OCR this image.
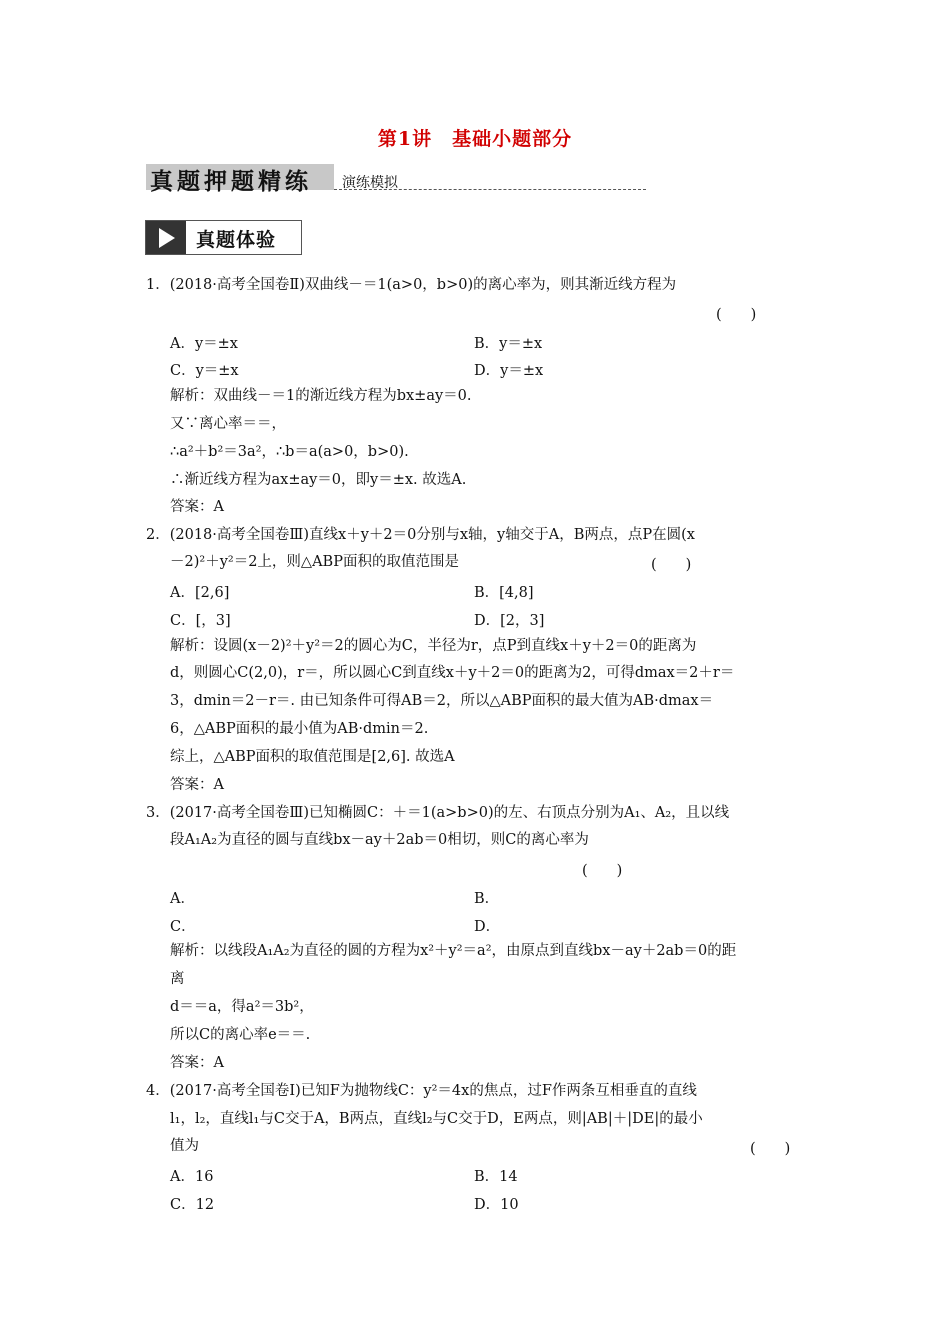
第1讲　基础小题部分
真题押题精练 演练模拟
真题体验
1．(2018·高考全国卷Ⅱ)双曲线－＝1(a>0，b>0)的离心率为，则其渐近线方程为
(　　)
A．y＝±x	B．y＝±x
C．y＝±x	D．y＝±x
解析：双曲线－＝1的渐近线方程为bx±ay＝0.
又∵离心率＝＝，
∴a²＋b²＝3a²，∴b＝a(a>0，b>0).
∴渐近线方程为ax±ay＝0，即y＝±x. 故选A.
答案：A
2．(2018·高考全国卷Ⅲ)直线x＋y＋2＝0分别与x轴，y轴交于A，B两点，点P在圆(x
－2)²＋y²＝2上，则△ABP面积的取值范围是	(　　)
A．[2,6]	B．[4,8]
C．[，3]	D．[2，3]
解析：设圆(x－2)²＋y²＝2的圆心为C，半径为r，点P到直线x＋y＋2＝0的距离为
d，则圆心C(2,0)，r＝，所以圆心C到直线x＋y＋2＝0的距离为2，可得dmax＝2＋r＝
3，dmin＝2－r＝. 由已知条件可得AB＝2，所以△ABP面积的最大值为AB·dmax＝
6，△ABP面积的最小值为AB·dmin＝2.
综上，△ABP面积的取值范围是[2,6]. 故选A
答案：A
3．(2017·高考全国卷Ⅲ)已知椭圆C：＋＝1(a>b>0)的左、右顶点分别为A₁、A₂，且以线
段A₁A₂为直径的圆与直线bx－ay＋2ab＝0相切，则C的离心率为
(　　)
A．	B．
C．	D．
解析：以线段A₁A₂为直径的圆的方程为x²＋y²＝a²，由原点到直线bx－ay＋2ab＝0的距
离
d＝＝a，得a²＝3b²，
所以C的离心率e＝＝.
答案：A
4．(2017·高考全国卷Ⅰ)已知F为抛物线C：y²＝4x的焦点，过F作两条互相垂直的直线
l₁，l₂，直线l₁与C交于A，B两点，直线l₂与C交于D，E两点，则|AB|＋|DE|的最小
值为	(　　)
A．16	B．14
C．12	D．10
